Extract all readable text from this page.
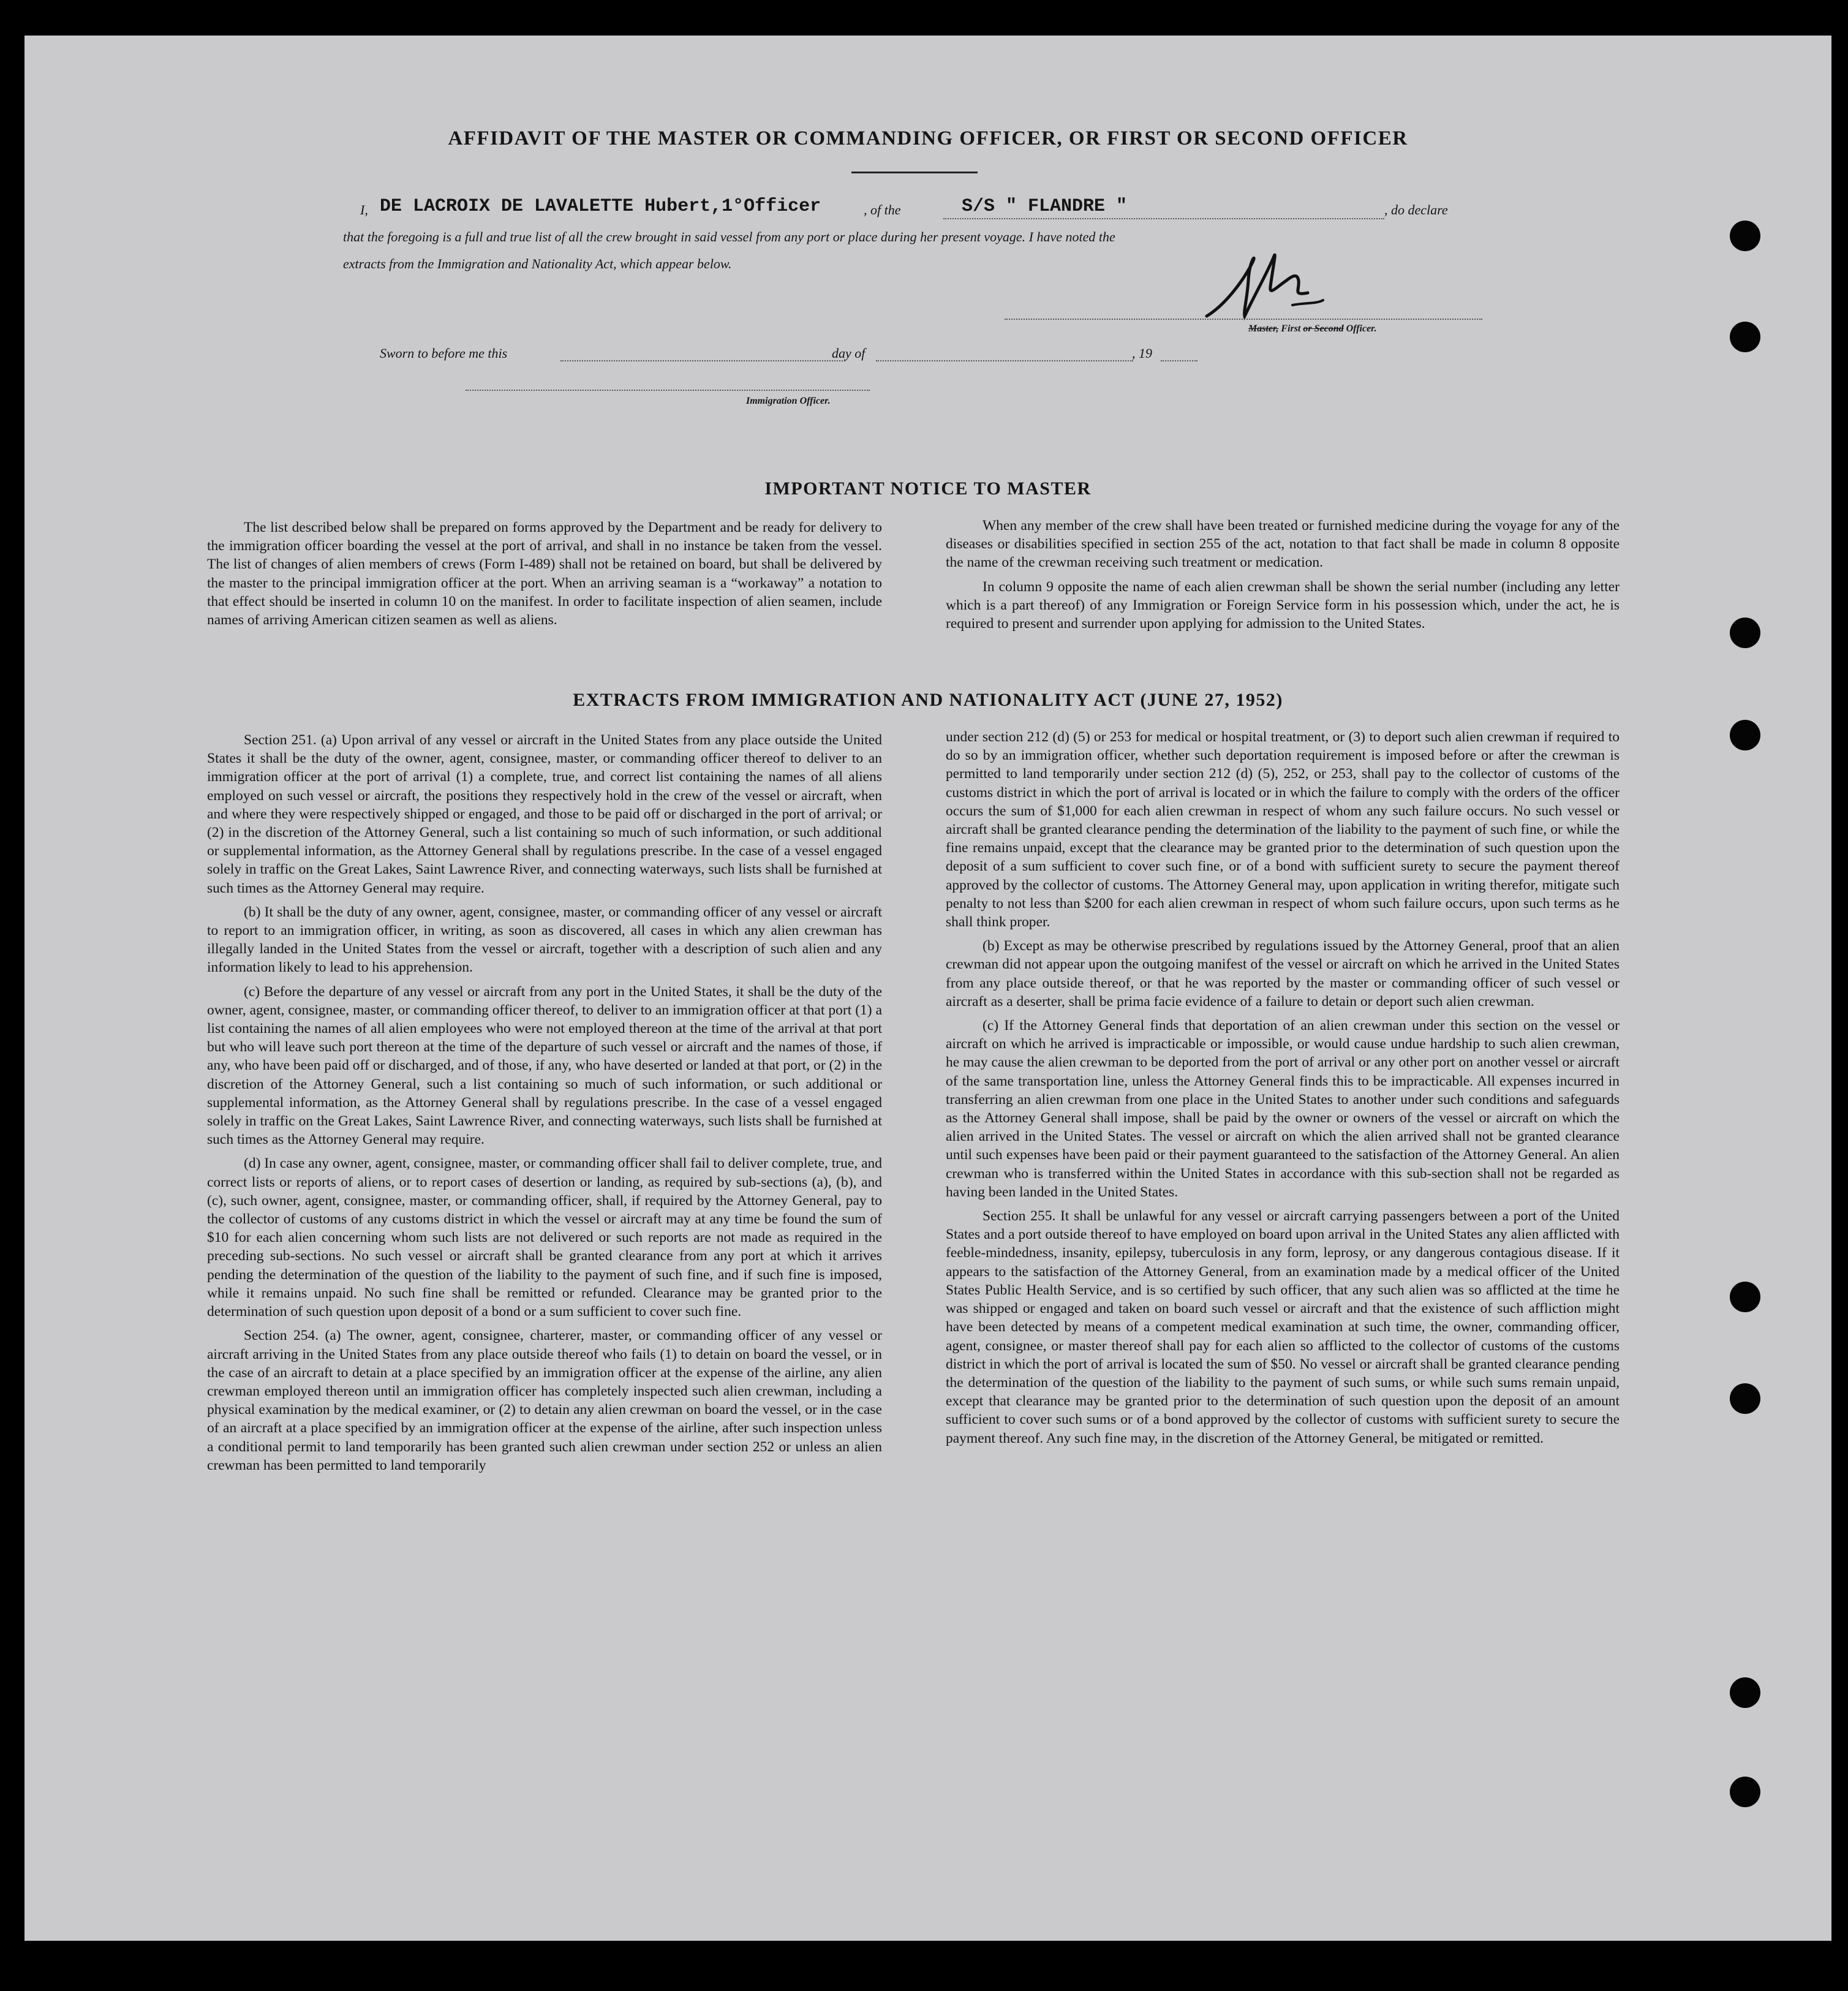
AFFIDAVIT OF THE MASTER OR COMMANDING OFFICER, OR FIRST OR SECOND OFFICER
I, DE LACROIX DE LAVALETTE Hubert,1°Officer	, of the	S/S " FLANDRE "	, do declare
that the foregoing is a full and true list of all the crew brought in said vessel from any port or place during her present voyage. I have noted the
extracts from the Immigration and Nationality Act, which appear below.
Master, First or Second Officer.
Sworn to before me this	day of	, 19
Immigration Officer.
IMPORTANT NOTICE TO MASTER

The list described below shall be prepared on forms approved by the Department and be ready for delivery to the immigration officer boarding the vessel at the port of arrival, and shall in no instance be taken from the vessel. The list of changes of alien members of crews (Form I-489) shall not be retained on board, but shall be delivered by the master to the principal immigration officer at the port. When an arriving seaman is a “workaway” a notation to that effect should be inserted in column 10 on the manifest. In order to facilitate inspection of alien seamen, include names of arriving American citizen seamen as well as aliens.

When any member of the crew shall have been treated or furnished medicine during the voyage for any of the diseases or disabilities specified in section 255 of the act, notation to that fact shall be made in column 8 opposite the name of the crewman receiving such treatment or medication.

In column 9 opposite the name of each alien crewman shall be shown the serial number (including any letter which is a part thereof) of any Immigration or Foreign Service form in his possession which, under the act, he is required to present and surrender upon applying for admission to the United States.

EXTRACTS FROM IMMIGRATION AND NATIONALITY ACT (JUNE 27, 1952)

Section 251. (a) Upon arrival of any vessel or aircraft in the United States from any place outside the United States it shall be the duty of the owner, agent, consignee, master, or commanding officer thereof to deliver to an immigration officer at the port of arrival (1) a complete, true, and correct list containing the names of all aliens employed on such vessel or aircraft, the positions they respectively hold in the crew of the vessel or aircraft, when and where they were respectively shipped or engaged, and those to be paid off or discharged in the port of arrival; or (2) in the discretion of the Attorney General, such a list containing so much of such information, or such additional or supplemental information, as the Attorney General shall by regulations prescribe. In the case of a vessel engaged solely in traffic on the Great Lakes, Saint Lawrence River, and connecting waterways, such lists shall be furnished at such times as the Attorney General may require.

(b) It shall be the duty of any owner, agent, consignee, master, or commanding officer of any vessel or aircraft to report to an immigration officer, in writing, as soon as discovered, all cases in which any alien crewman has illegally landed in the United States from the vessel or aircraft, together with a description of such alien and any information likely to lead to his apprehension.

(c) Before the departure of any vessel or aircraft from any port in the United States, it shall be the duty of the owner, agent, consignee, master, or commanding officer thereof, to deliver to an immigration officer at that port (1) a list containing the names of all alien employees who were not employed thereon at the time of the arrival at that port but who will leave such port thereon at the time of the departure of such vessel or aircraft and the names of those, if any, who have been paid off or discharged, and of those, if any, who have deserted or landed at that port, or (2) in the discretion of the Attorney General, such a list containing so much of such information, or such additional or supplemental information, as the Attorney General shall by regulations prescribe. In the case of a vessel engaged solely in traffic on the Great Lakes, Saint Lawrence River, and connecting waterways, such lists shall be furnished at such times as the Attorney General may require.

(d) In case any owner, agent, consignee, master, or commanding officer shall fail to deliver complete, true, and correct lists or reports of aliens, or to report cases of desertion or landing, as required by sub-sections (a), (b), and (c), such owner, agent, consignee, master, or commanding officer, shall, if required by the Attorney General, pay to the collector of customs of any customs district in which the vessel or aircraft may at any time be found the sum of $10 for each alien concerning whom such lists are not delivered or such reports are not made as required in the preceding sub-sections. No such vessel or aircraft shall be granted clearance from any port at which it arrives pending the determination of the question of the liability to the payment of such fine, and if such fine is imposed, while it remains unpaid. No such fine shall be remitted or refunded. Clearance may be granted prior to the determination of such question upon deposit of a bond or a sum sufficient to cover such fine.

Section 254. (a) The owner, agent, consignee, charterer, master, or commanding officer of any vessel or aircraft arriving in the United States from any place outside thereof who fails (1) to detain on board the vessel, or in the case of an aircraft to detain at a place specified by an immigration officer at the expense of the airline, any alien crewman employed thereon until an immigration officer has completely inspected such alien crewman, including a physical examination by the medical examiner, or (2) to detain any alien crewman on board the vessel, or in the case of an aircraft at a place specified by an immigration officer at the expense of the airline, after such inspection unless a conditional permit to land temporarily has been granted such alien crewman under section 252 or unless an alien crewman has been permitted to land temporarily

under section 212 (d) (5) or 253 for medical or hospital treatment, or (3) to deport such alien crewman if required to do so by an immigration officer, whether such deportation requirement is imposed before or after the crewman is permitted to land temporarily under section 212 (d) (5), 252, or 253, shall pay to the collector of customs of the customs district in which the port of arrival is located or in which the failure to comply with the orders of the officer occurs the sum of $1,000 for each alien crewman in respect of whom any such failure occurs. No such vessel or aircraft shall be granted clearance pending the determination of the liability to the payment of such fine, or while the fine remains unpaid, except that the clearance may be granted prior to the determination of such question upon the deposit of a sum sufficient to cover such fine, or of a bond with sufficient surety to secure the payment thereof approved by the collector of customs. The Attorney General may, upon application in writing therefor, mitigate such penalty to not less than $200 for each alien crewman in respect of whom such failure occurs, upon such terms as he shall think proper.

(b) Except as may be otherwise prescribed by regulations issued by the Attorney General, proof that an alien crewman did not appear upon the outgoing manifest of the vessel or aircraft on which he arrived in the United States from any place outside thereof, or that he was reported by the master or commanding officer of such vessel or aircraft as a deserter, shall be prima facie evidence of a failure to detain or deport such alien crewman.

(c) If the Attorney General finds that deportation of an alien crewman under this section on the vessel or aircraft on which he arrived is impracticable or impossible, or would cause undue hardship to such alien crewman, he may cause the alien crewman to be deported from the port of arrival or any other port on another vessel or aircraft of the same transportation line, unless the Attorney General finds this to be impracticable. All expenses incurred in transferring an alien crewman from one place in the United States to another under such conditions and safeguards as the Attorney General shall impose, shall be paid by the owner or owners of the vessel or aircraft on which the alien arrived in the United States. The vessel or aircraft on which the alien arrived shall not be granted clearance until such expenses have been paid or their payment guaranteed to the satisfaction of the Attorney General. An alien crewman who is transferred within the United States in accordance with this sub-section shall not be regarded as having been landed in the United States.

Section 255. It shall be unlawful for any vessel or aircraft carrying passengers between a port of the United States and a port outside thereof to have employed on board upon arrival in the United States any alien afflicted with feeble-mindedness, insanity, epilepsy, tuberculosis in any form, leprosy, or any dangerous contagious disease. If it appears to the satisfaction of the Attorney General, from an examination made by a medical officer of the United States Public Health Service, and is so certified by such officer, that any such alien was so afflicted at the time he was shipped or engaged and taken on board such vessel or aircraft and that the existence of such affliction might have been detected by means of a competent medical examination at such time, the owner, commanding officer, agent, consignee, or master thereof shall pay for each alien so afflicted to the collector of customs of the customs district in which the port of arrival is located the sum of $50. No vessel or aircraft shall be granted clearance pending the determination of the question of the liability to the payment of such sums, or while such sums remain unpaid, except that clearance may be granted prior to the determination of such question upon the deposit of an amount sufficient to cover such sums or of a bond approved by the collector of customs with sufficient surety to secure the payment thereof. Any such fine may, in the discretion of the Attorney General, be mitigated or remitted.
